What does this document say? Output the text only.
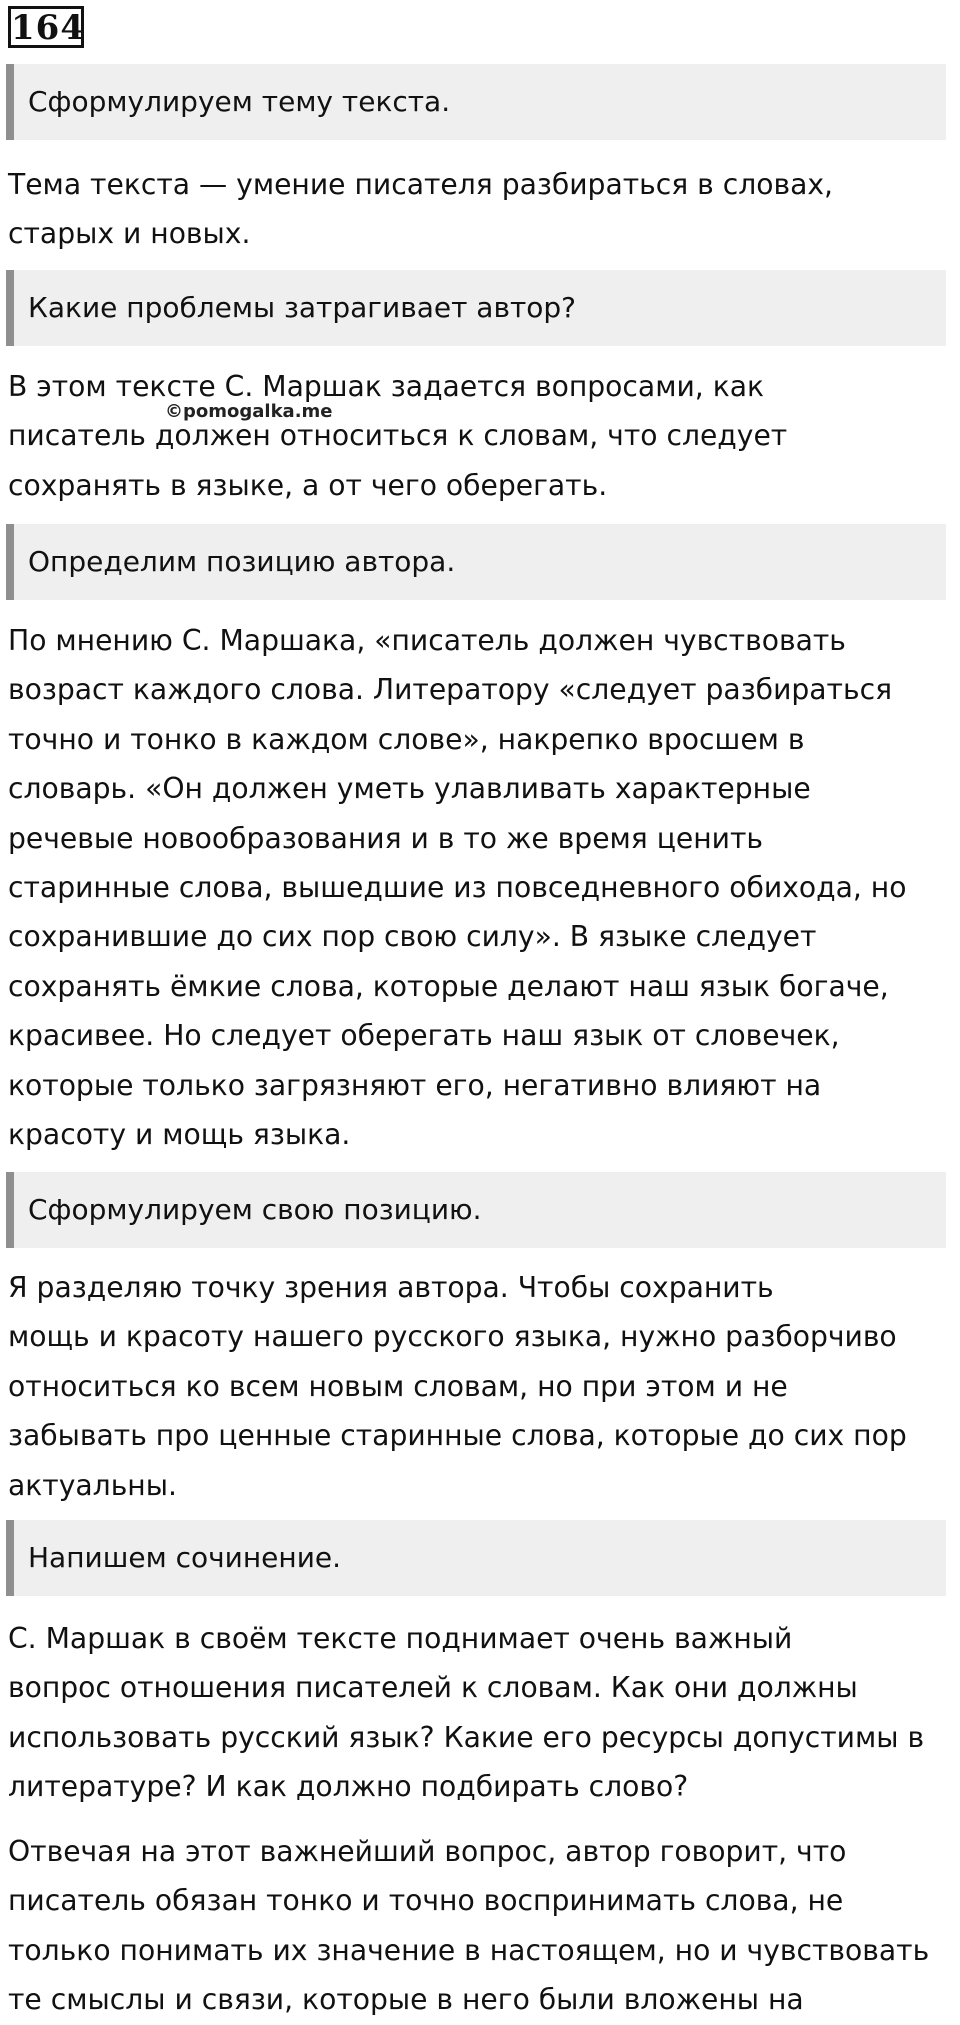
164
Сформулируем тему текста.

Тема текста — умение писателя разбираться в словах,
старых и новых.

Какие проблемы затрагивает автор?

В этом тексте С. Маршак задается вопросами, как
писатель должен относиться к словам, что следует
сохранять в языке, а от чего оберегать.

©pomogalka.me
Определим позицию автора.

По мнению С. Маршака, «писатель должен чувствовать
возраст каждого слова. Литератору «следует разбираться
точно и тонко в каждом слове», накрепко вросшем в
словарь. «Он должен уметь улавливать характерные
речевые новообразования и в то же время ценить
старинные слова, вышедшие из повседневного обихода, но
сохранившие до сих пор свою силу». В языке следует
сохранять ёмкие слова, которые делают наш язык богаче,
красивее. Но следует оберегать наш язык от словечек,
которые только загрязняют его, негативно влияют на
красоту и мощь языка.

Сформулируем свою позицию.

Я разделяю точку зрения автора. Чтобы сохранить
мощь и красоту нашего русского языка, нужно разборчиво
относиться ко всем новым словам, но при этом и не
забывать про ценные старинные слова, которые до сих пор
актуальны.

Напишем сочинение.

С. Маршак в своём тексте поднимает очень важный
вопрос отношения писателей к словам. Как они должны
использовать русский язык? Какие его ресурсы допустимы в
литературе? И как должно подбирать слово?

Отвечая на этот важнейший вопрос, автор говорит, что
писатель обязан тонко и точно воспринимать слова, не
только понимать их значение в настоящем, но и чувствовать
те смыслы и связи, которые в него были вложены на
